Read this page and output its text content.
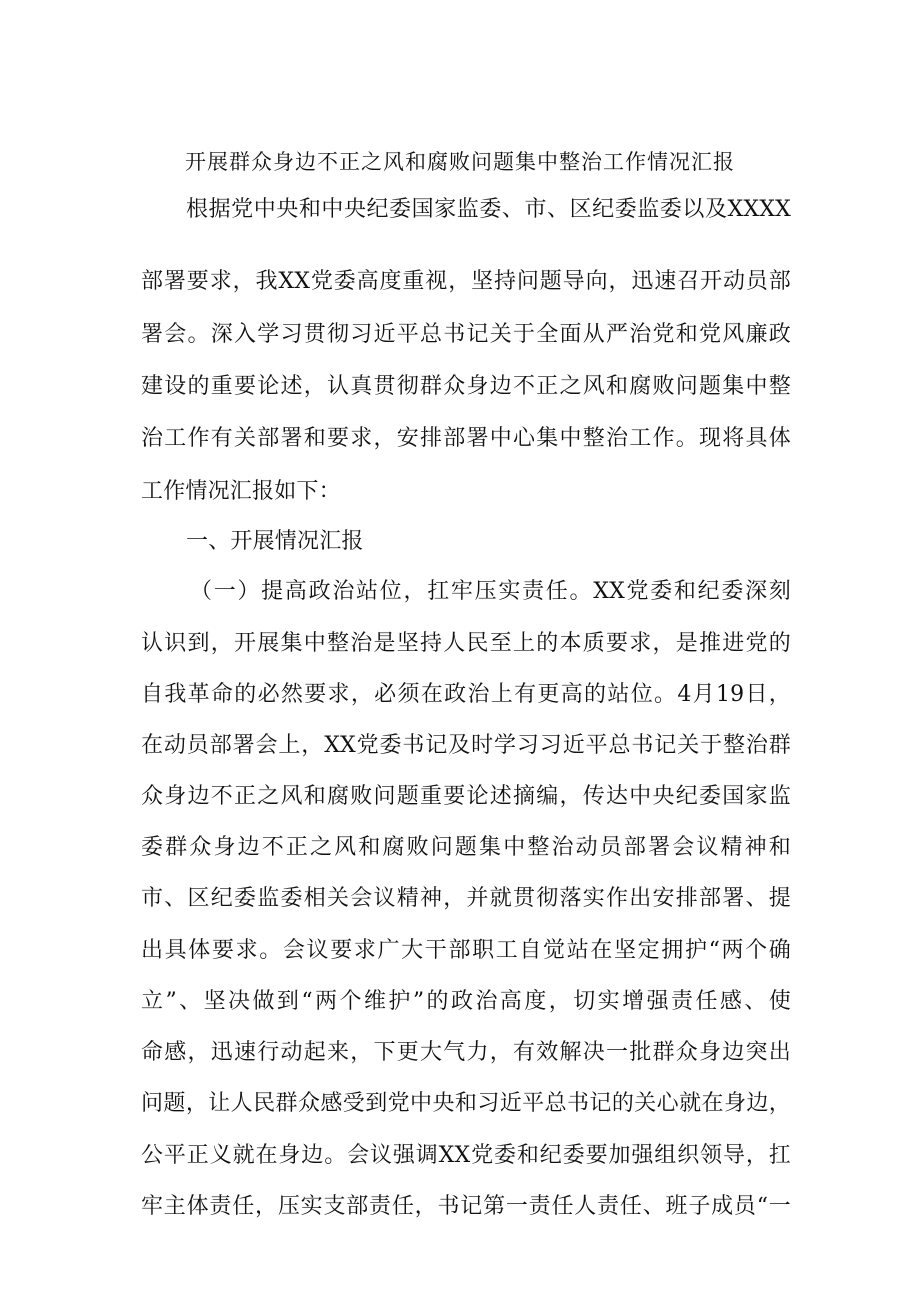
开展群众身边不正之风和腐败问题集中整治工作情况汇报
根据党中央和中央纪委国家监委、市、区纪委监委以及XXXX
部署要求，我XX党委高度重视，坚持问题导向，迅速召开动员部
署会。深入学习贯彻习近平总书记关于全面从严治党和党风廉政
建设的重要论述，认真贯彻群众身边不正之风和腐败问题集中整
治工作有关部署和要求，安排部署中心集中整治工作。现将具体
工作情况汇报如下：
一、开展情况汇报
（一）提高政治站位，扛牢压实责任。XX党委和纪委深刻
认识到，开展集中整治是坚持人民至上的本质要求，是推进党的
自我革命的必然要求，必须在政治上有更高的站位。4月19日，
在动员部署会上，XX党委书记及时学习习近平总书记关于整治群
众身边不正之风和腐败问题重要论述摘编，传达中央纪委国家监
委群众身边不正之风和腐败问题集中整治动员部署会议精神和
市、区纪委监委相关会议精神，并就贯彻落实作出安排部署、提
出具体要求。会议要求广大干部职工自觉站在坚定拥护“两个确
立”、坚决做到“两个维护”的政治高度，切实增强责任感、使
命感，迅速行动起来，下更大气力，有效解决一批群众身边突出
问题，让人民群众感受到党中央和习近平总书记的关心就在身边，
公平正义就在身边。会议强调XX党委和纪委要加强组织领导，扛
牢主体责任，压实支部责任，书记第一责任人责任、班子成员“一
